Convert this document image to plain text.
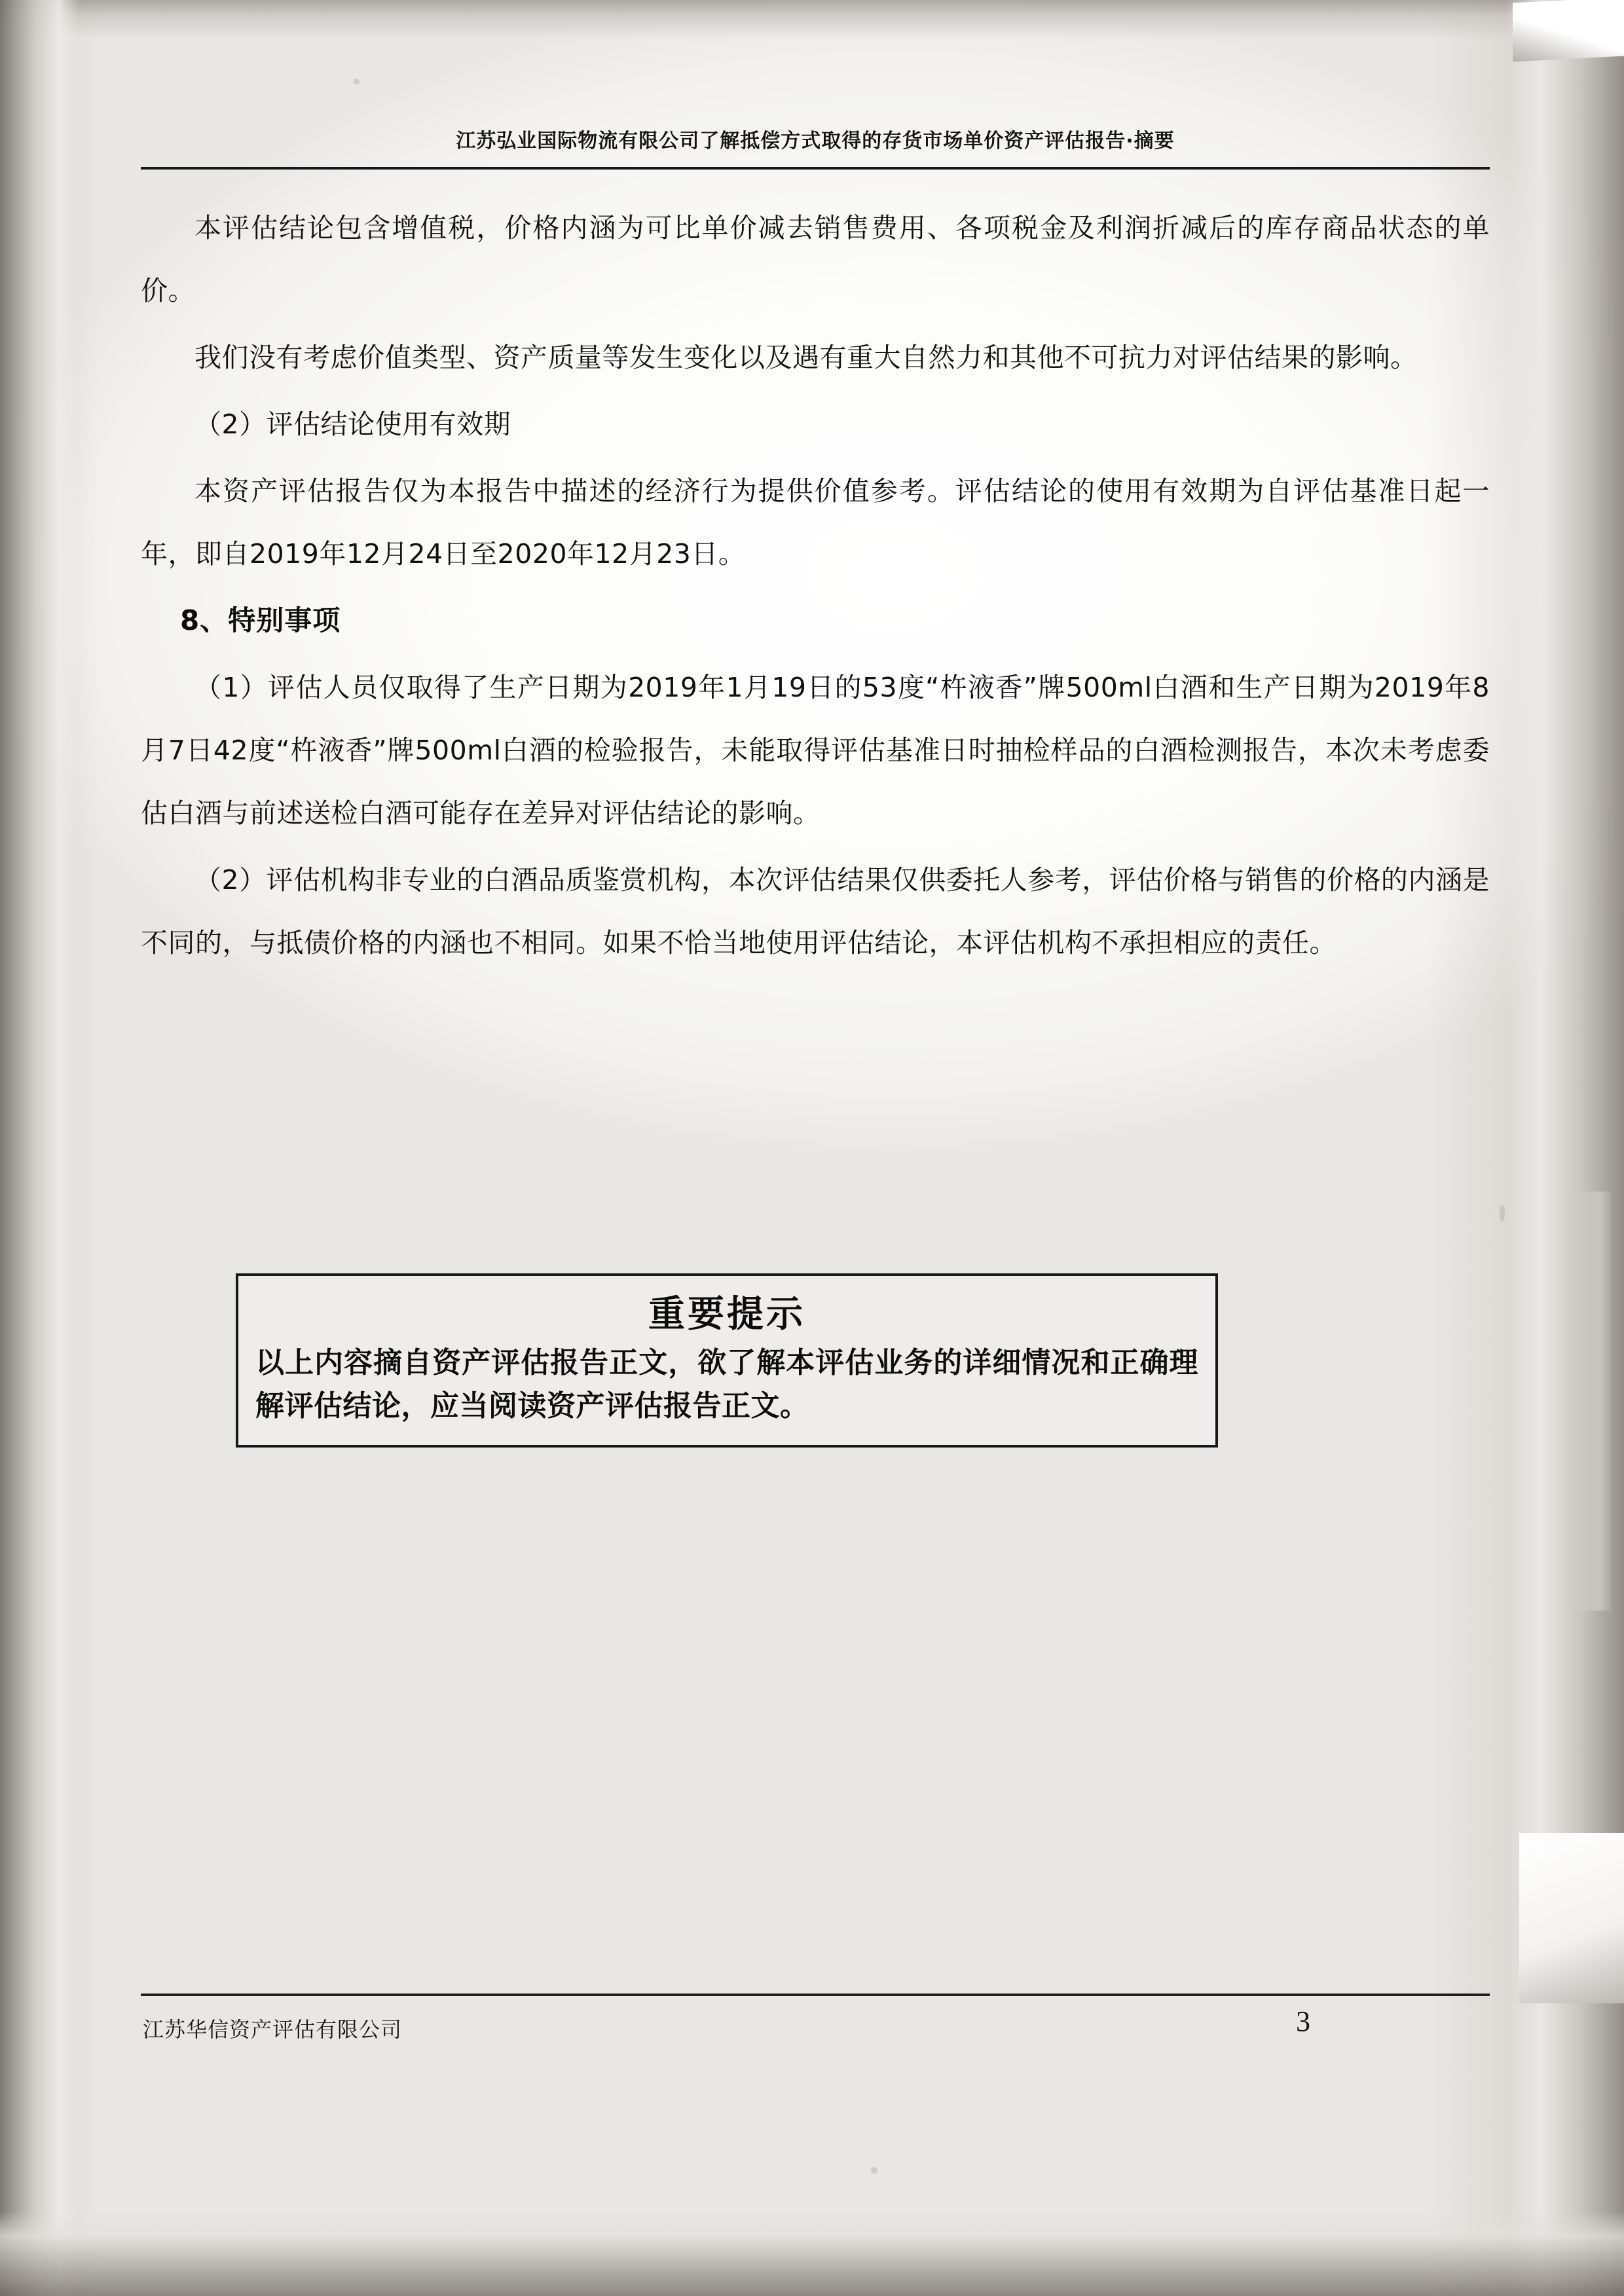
江苏弘业国际物流有限公司了解抵偿方式取得的存货市场单价资产评估报告·摘要

本评估结论包含增值税，价格内涵为可比单价减去销售费用、各项税金及利润折减后的库存商品状态的单价。

我们没有考虑价值类型、资产质量等发生变化以及遇有重大自然力和其他不可抗力对评估结果的影响。

（2）评估结论使用有效期

本资产评估报告仅为本报告中描述的经济行为提供价值参考。评估结论的使用有效期为自评估基准日起一年，即自2019年12月24日至2020年12月23日。

8、特别事项

（1）评估人员仅取得了生产日期为2019年1月19日的53度“杵液香”牌500ml白酒和生产日期为2019年8月7日42度“杵液香”牌500ml白酒的检验报告，未能取得评估基准日时抽检样品的白酒检测报告，本次未考虑委估白酒与前述送检白酒可能存在差异对评估结论的影响。

（2）评估机构非专业的白酒品质鉴赏机构，本次评估结果仅供委托人参考，评估价格与销售的价格的内涵是不同的，与抵债价格的内涵也不相同。如果不恰当地使用评估结论，本评估机构不承担相应的责任。

重要提示
以上内容摘自资产评估报告正文，欲了解本评估业务的详细情况和正确理解评估结论，应当阅读资产评估报告正文。
江苏华信资产评估有限公司	3
